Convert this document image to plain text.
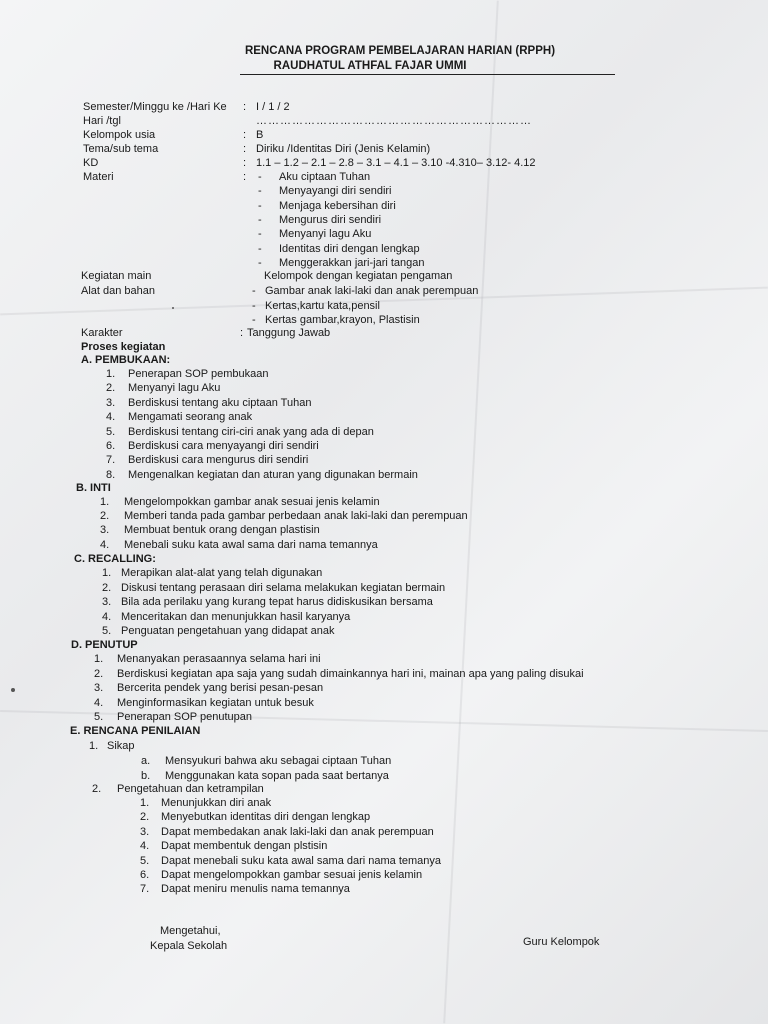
RENCANA PROGRAM PEMBELAJARAN HARIAN (RPPH)
RAUDHATUL ATHFAL FAJAR UMMI
Semester/Minggu ke /Hari Ke : I / 1 / 2
Hari /tgl	……………………………………………………………
Kelompok usia	: B
Tema/sub tema	: Diriku /Identitas Diri (Jenis Kelamin)
KD	: 1.1 – 1.2 – 2.1 – 2.8 – 3.1 – 4.1 – 3.10 -4.310– 3.12- 4.12
Materi	: - Aku ciptaan Tuhan
- Menyayangi diri sendiri
- Menjaga kebersihan diri
- Mengurus diri sendiri
- Menyanyi lagu Aku
- Identitas diri dengan lengkap
- Menggerakkan jari-jari tangan
Kegiatan main	Kelompok dengan kegiatan pengaman
Alat dan bahan	- Gambar anak laki-laki dan anak perempuan
- Kertas,kartu kata,pensil
- Kertas gambar,krayon, Plastisin
Karakter	: Tanggung Jawab
Proses kegiatan
A. PEMBUKAAN:
1. Penerapan SOP pembukaan
2. Menyanyi lagu Aku
3. Berdiskusi tentang aku ciptaan Tuhan
4. Mengamati seorang anak
5. Berdiskusi tentang ciri-ciri anak yang ada di depan
6. Berdiskusi cara menyayangi diri sendiri
7. Berdiskusi cara mengurus diri sendiri
8. Mengenalkan kegiatan dan aturan yang digunakan bermain
B. INTI
1. Mengelompokkan gambar anak sesuai jenis kelamin
2. Memberi tanda pada gambar perbedaan anak laki-laki dan perempuan
3. Membuat bentuk orang dengan plastisin
4. Menebali suku kata awal sama dari nama temannya
C. RECALLING:
1. Merapikan alat-alat yang telah digunakan
2. Diskusi tentang perasaan diri selama melakukan kegiatan bermain
3. Bila ada perilaku yang kurang tepat harus didiskusikan bersama
4. Menceritakan dan menunjukkan hasil karyanya
5. Penguatan pengetahuan yang didapat anak
D. PENUTUP
1. Menanyakan perasaannya selama hari ini
2. Berdiskusi kegiatan apa saja yang sudah dimainkannya hari ini, mainan apa yang paling disukai
3. Bercerita pendek yang berisi pesan-pesan
4. Menginformasikan kegiatan untuk besuk
5. Penerapan SOP penutupan
E. RENCANA PENILAIAN
1. Sikap
a. Mensyukuri bahwa aku sebagai ciptaan Tuhan
b. Menggunakan kata sopan pada saat bertanya
2. Pengetahuan dan ketrampilan
1. Menunjukkan diri anak
2. Menyebutkan identitas diri dengan lengkap
3. Dapat membedakan anak laki-laki dan anak perempuan
4. Dapat membentuk dengan plstisin
5. Dapat menebali suku kata awal sama dari nama temanya
6. Dapat mengelompokkan gambar sesuai jenis kelamin
7. Dapat meniru menulis nama temannya
Mengetahui,
Kepala Sekolah	Guru Kelompok
